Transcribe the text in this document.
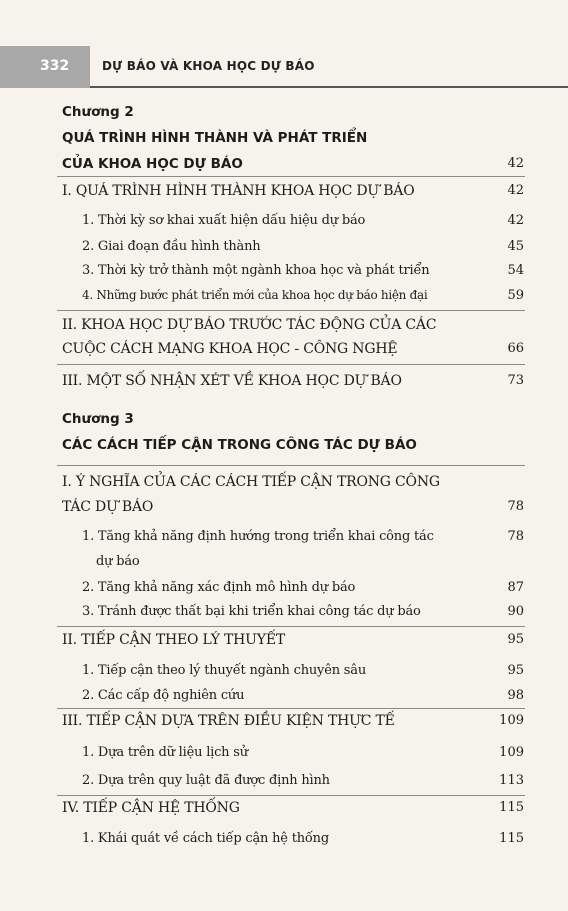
332	DỰ BÁO VÀ KHOA HỌC DỰ BÁO
Chương 2
QUÁ TRÌNH HÌNH THÀNH VÀ PHÁT TRIỂN
CỦA KHOA HỌC DỰ BÁO	42
I. QUÁ TRÌNH HÌNH THÀNH KHOA HỌC DỰ BÁO	42
1. Thời kỳ sơ khai xuất hiện dấu hiệu dự báo	42
2. Giai đoạn đầu hình thành	45
3. Thời kỳ trở thành một ngành khoa học và phát triển	54
4. Những bước phát triển mới của khoa học dự báo hiện đại	59
II. KHOA HỌC DỰ BÁO TRƯỚC TÁC ĐỘNG CỦA CÁC
CUỘC CÁCH MẠNG KHOA HỌC - CÔNG NGHỆ	66
III. MỘT SỐ NHẬN XÉT VỀ KHOA HỌC DỰ BÁO	73
Chương 3
CÁC CÁCH TIẾP CẬN TRONG CÔNG TÁC DỰ BÁO
I. Ý NGHĨA CỦA CÁC CÁCH TIẾP CẬN TRONG CÔNG
TÁC DỰ BÁO	78
1. Tăng khả năng định hướng trong triển khai công tác	78
dự báo
2. Tăng khả năng xác định mô hình dự báo	87
3. Tránh được thất bại khi triển khai công tác dự báo	90
II. TIẾP CẬN THEO LÝ THUYẾT	95
1. Tiếp cận theo lý thuyết ngành chuyên sâu	95
2. Các cấp độ nghiên cứu	98
III. TIẾP CẬN DỰA TRÊN ĐIỀU KIỆN THỰC TẾ	109
1. Dựa trên dữ liệu lịch sử	109
2. Dựa trên quy luật đã được định hình	113
IV. TIẾP CẬN HỆ THỐNG	115
1. Khái quát về cách tiếp cận hệ thống	115
